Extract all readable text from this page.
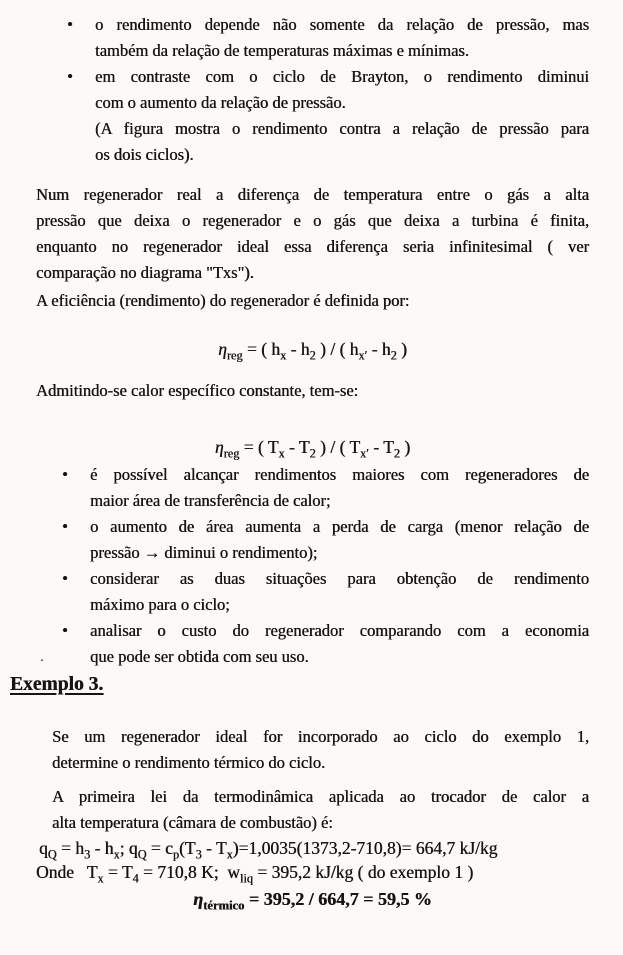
• o rendimento depende não somente da relação de pressão, mas
também da relação de temperaturas máximas e mínimas.
• em contraste com o ciclo de Brayton, o rendimento diminui
com o aumento da relação de pressão.
(A figura mostra o rendimento contra a relação de pressão para
os dois ciclos).
Num regenerador real a diferença de temperatura entre o gás a alta
pressão que deixa o regenerador e o gás que deixa a turbina é finita,
enquanto no regenerador ideal essa diferença seria infinitesimal ( ver
comparação no diagrama "Txs").
A eficiência (rendimento) do regenerador é definida por:
$\eta_{reg}$ = ( $h_x - h_2$ ) / ( $h_{x'} - h_2$ )
Admitindo-se calor específico constante, tem-se:
$\eta_{reg}$ = ( $T_x - T_2$ ) / ( $T_{x'} - T_2$ )
• é possível alcançar rendimentos maiores com regeneradores de
maior área de transferência de calor;
• o aumento de área aumenta a perda de carga (menor relação de
pressão → diminui o rendimento);
• considerar as duas situações para obtenção de rendimento
máximo para o ciclo;
• analisar o custo do regenerador comparando com a economia
que pode ser obtida com seu uso.
Exemplo 3.
Se um regenerador ideal for incorporado ao ciclo do exemplo 1,
determine o rendimento térmico do ciclo.
A primeira lei da termodinâmica aplicada ao trocador de calor a
alta temperatura (câmara de combustão) é:
$q_Q = h_3 - h_x$; $q_Q = c_p(T_3 - T_x)=1,0035(1373,2-710,8)= 664,7$ kJ/kg
Onde   $T_x = T_4 = 710,8$ K;  $w_{liq} = 395,2$ kJ/kg ( do exemplo 1 )
$\eta_{térmico} = 395,2 / 664,7 = 59,5$ %
.
